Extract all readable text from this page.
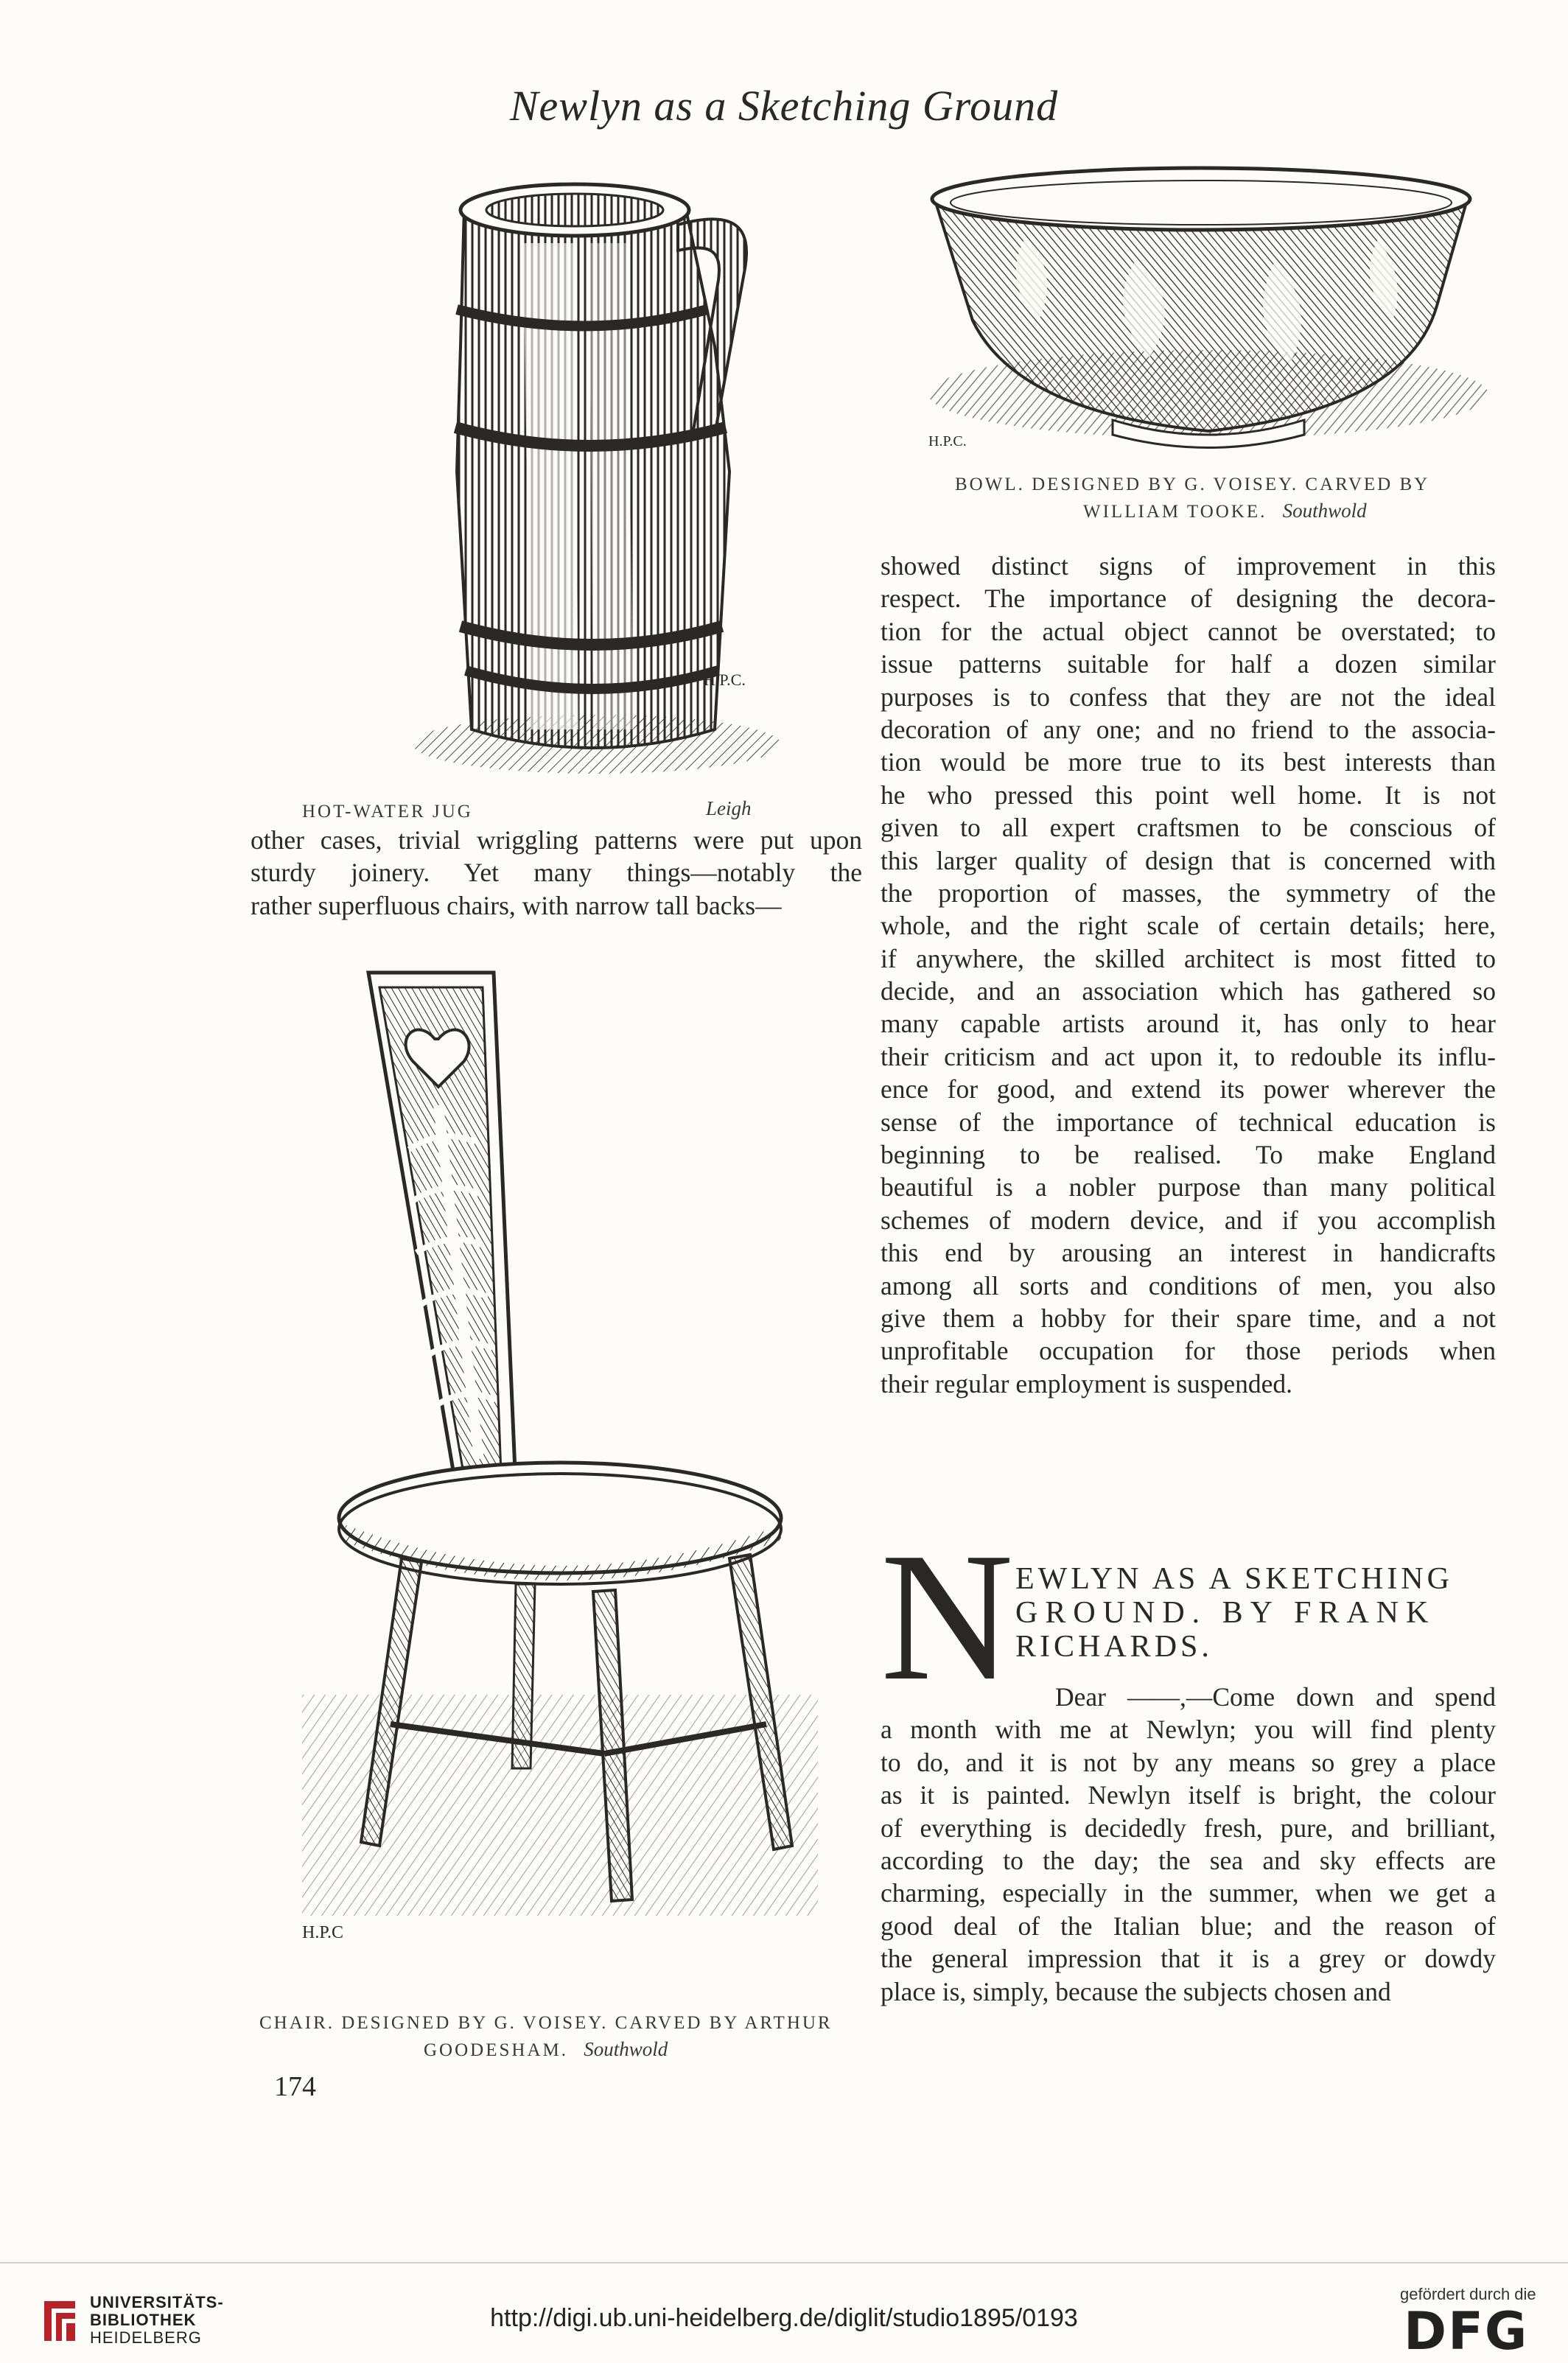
Newlyn as a Sketching Ground
H.P.C.
HOT-WATER JUG	Leigh
other cases, trivial wriggling patterns were put upon
sturdy joinery. Yet many things—notably the
rather superfluous chairs, with narrow tall backs—
H.P.C
CHAIR. DESIGNED BY G. VOISEY. CARVED BY ARTHUR
GOODESHAM. Southwold
174
H.P.C.
BOWL. DESIGNED BY G. VOISEY. CARVED BY
WILLIAM TOOKE. Southwold
showed distinct signs of improvement in this
respect. The importance of designing the decora-
tion for the actual object cannot be overstated; to
issue patterns suitable for half a dozen similar
purposes is to confess that they are not the ideal
decoration of any one; and no friend to the associa-
tion would be more true to its best interests than
he who pressed this point well home. It is not
given to all expert craftsmen to be conscious of
this larger quality of design that is concerned with
the proportion of masses, the symmetry of the
whole, and the right scale of certain details; here,
if anywhere, the skilled architect is most fitted to
decide, and an association which has gathered so
many capable artists around it, has only to hear
their criticism and act upon it, to redouble its influ-
ence for good, and extend its power wherever the
sense of the importance of technical education is
beginning to be realised. To make England
beautiful is a nobler purpose than many political
schemes of modern device, and if you accomplish
this end by arousing an interest in handicrafts
among all sorts and conditions of men, you also
give them a hobby for their spare time, and a not
unprofitable occupation for those periods when
their regular employment is suspended.
N EWLYN AS A SKETCHING
GROUND. BY FRANK
RICHARDS.
Dear ——,—Come down and spend
a month with me at Newlyn; you will find plenty
to do, and it is not by any means so grey a place
as it is painted. Newlyn itself is bright, the colour
of everything is decidedly fresh, pure, and brilliant,
according to the day; the sea and sky effects are
charming, especially in the summer, when we get a
good deal of the Italian blue; and the reason of
the general impression that it is a grey or dowdy
place is, simply, because the subjects chosen and
UNIVERSITÄTS-
BIBLIOTHEK
HEIDELBERG
http://digi.ub.uni-heidelberg.de/diglit/studio1895/0193
gefördert durch die
DFG
